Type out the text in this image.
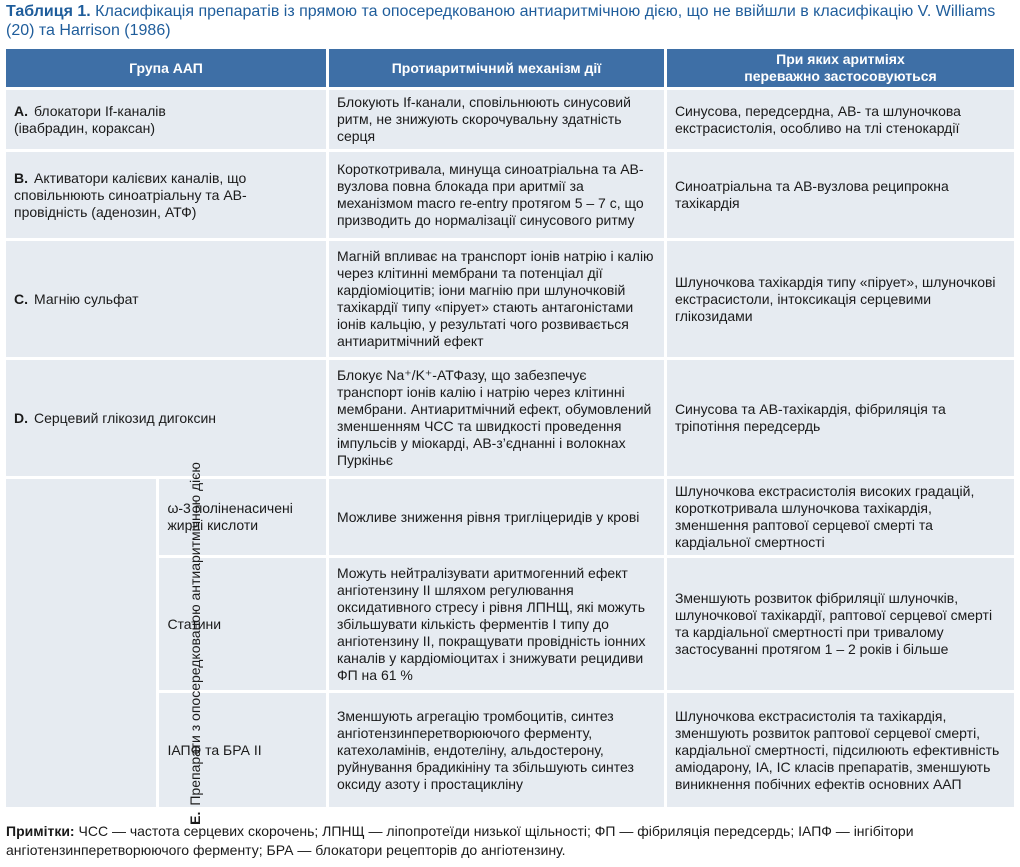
Таблиця 1. Класифікація препаратів із прямою та опосередкованою антиаритмічною дією, що не ввійшли в класифікацію V. Williams (20) та Harrison (1986)
Група ААП		Протиаритмічний механізм дії	При яких аритміях
переважно застосовуються
A. блокатори If-каналів
(івабрадин, кораксан)		Блокують If-канали, сповільнюють синусовий ритм, не знижують скорочувальну здатність серця	Синусова, передсердна, АВ- та шлуночкова екстрасистолія, особливо на тлі стенокардії
B. Активатори калієвих каналів, що сповільнюють синоатріальну та АВ-провідність (аденозин, АТФ)		Короткотривала, минуща синоатріальна та АВ-вузлова повна блокада при аритмії за механізмом macro re-entry протягом 5 – 7 с, що призводить до нормалізації синусового ритму	Синоатріальна та АВ-вузлова реципрокна тахікардія
C. Магнію сульфат		Магній впливає на транспорт іонів натрію і калію через клітинні мембрани та потенціал дії кардіоміоцитів; іони магнію при шлуночковій тахікардії типу «пірует» стають антагоністами іонів кальцію, у результаті чого розвивається антиаритмічний ефект	Шлуночкова тахікардія типу «пірует», шлуночкові екстрасистоли, інтоксикація серцевими глікозидами
D. Серцевий глікозид дигоксин		Блокує Na⁺/K⁺-АТФазу, що забезпечує транспорт іонів калію і натрію через клітинні мембрани. Антиаритмічний ефект, обумовлений зменшенням ЧСС та швидкості проведення імпульсів у міокарді, АВ-з’єднанні і волокнах Пуркіньє	Синусова та АВ-тахікардія, фібриляція та тріпотіння передсердь
E.Препарати з опосередкованою антиаритмічною дією	ω-3 поліненасичені жирні кислоти	Можливе зниження рівня тригліцеридів у крові	Шлуночкова екстрасистолія високих градацій, короткотривала шлуночкова тахікардія, зменшення раптової серцевої смерті та кардіальної смертності
	Статини	Можуть нейтралізувати аритмогенний ефект ангіотензину II шляхом регулювання оксидативного стресу і рівня ЛПНЩ, які можуть збільшувати кількість ферментів I типу до ангіотензину II, покращувати провідність іонних каналів у кардіоміоцитах і знижувати рецидиви ФП на 61 %	Зменшують розвиток фібриляції шлуночків, шлуночкової тахікардії, раптової серцевої смерті та кардіальної смертності при тривалому застосуванні протягом 1 – 2 років і більше
	ІАПФ та БРА II	Зменшують агрегацію тромбоцитів, синтез ангіотензинперетворюючого ферменту, катехоламінів, ендотеліну, альдостерону, руйнування брадикініну та збільшують синтез оксиду азоту і простацикліну	Шлуночкова екстрасистолія та тахікардія, зменшують розвиток раптової серцевої смерті, кардіальної смертності, підсилюють ефективність аміодарону, IA, IC класів препаратів, зменшують виникнення побічних ефектів основних ААП
Примітки: ЧСС — частота серцевих скорочень; ЛПНЩ — ліпопротеїди низької щільності; ФП — фібриляція передсердь; ІАПФ — інгібітори ангіотензинперетворюючого ферменту; БРА — блокатори рецепторів до ангіотензину.
